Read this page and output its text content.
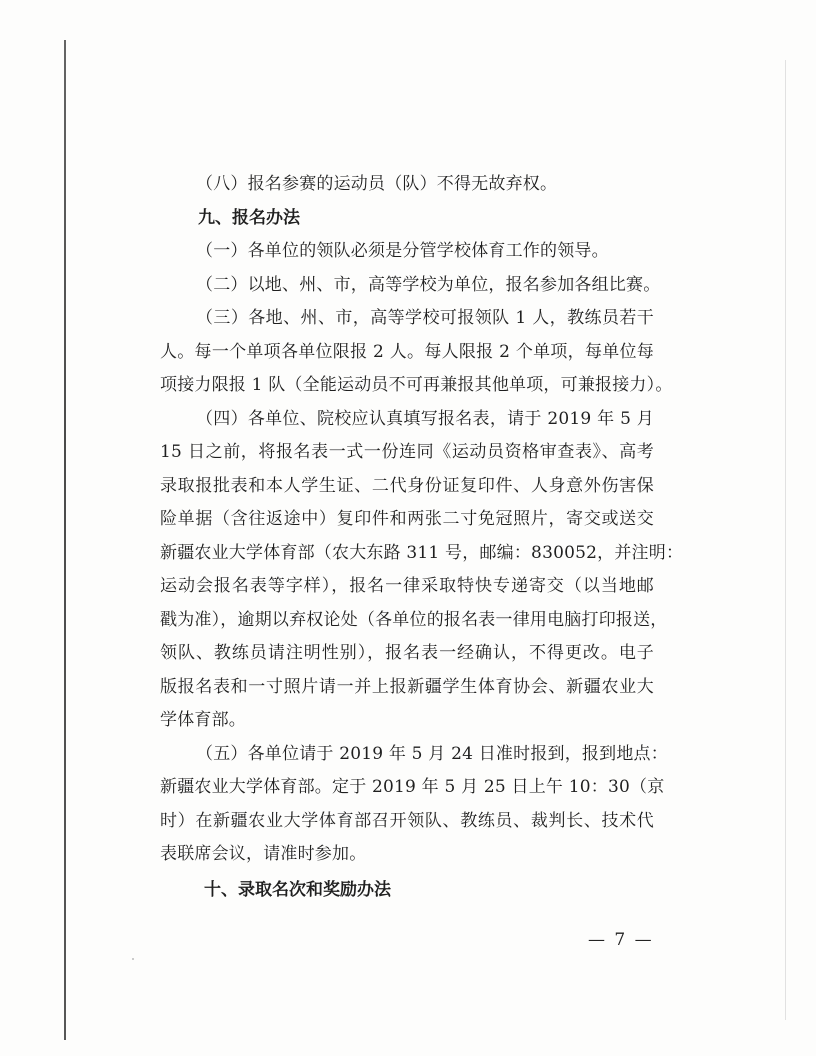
（八）报名参赛的运动员（队）不得无故弃权。
九、报名办法
（一）各单位的领队必须是分管学校体育工作的领导。
（二）以地、州、市，高等学校为单位，报名参加各组比赛。
（三）各地、州、市，高等学校可报领队 1 人，教练员若干
人。每一个单项各单位限报 2 人。每人限报 2 个单项，每单位每
项接力限报 1 队（全能运动员不可再兼报其他单项，可兼报接力）。
（四）各单位、院校应认真填写报名表，请于 2019 年 5 月
15 日之前，将报名表一式一份连同《运动员资格审查表》、高考
录取报批表和本人学生证、二代身份证复印件、人身意外伤害保
险单据（含往返途中）复印件和两张二寸免冠照片，寄交或送交
新疆农业大学体育部（农大东路 311 号，邮编：830052，并注明：
运动会报名表等字样），报名一律采取特快专递寄交（以当地邮
戳为准），逾期以弃权论处（各单位的报名表一律用电脑打印报送，
领队、教练员请注明性别），报名表一经确认，不得更改。电子
版报名表和一寸照片请一并上报新疆学生体育协会、新疆农业大
学体育部。
（五）各单位请于 2019 年 5 月 24 日准时报到，报到地点：
新疆农业大学体育部。定于 2019 年 5 月 25 日上午 10：30（京
时）在新疆农业大学体育部召开领队、教练员、裁判长、技术代
表联席会议，请准时参加。
十、录取名次和奖励办法
— 7 —
